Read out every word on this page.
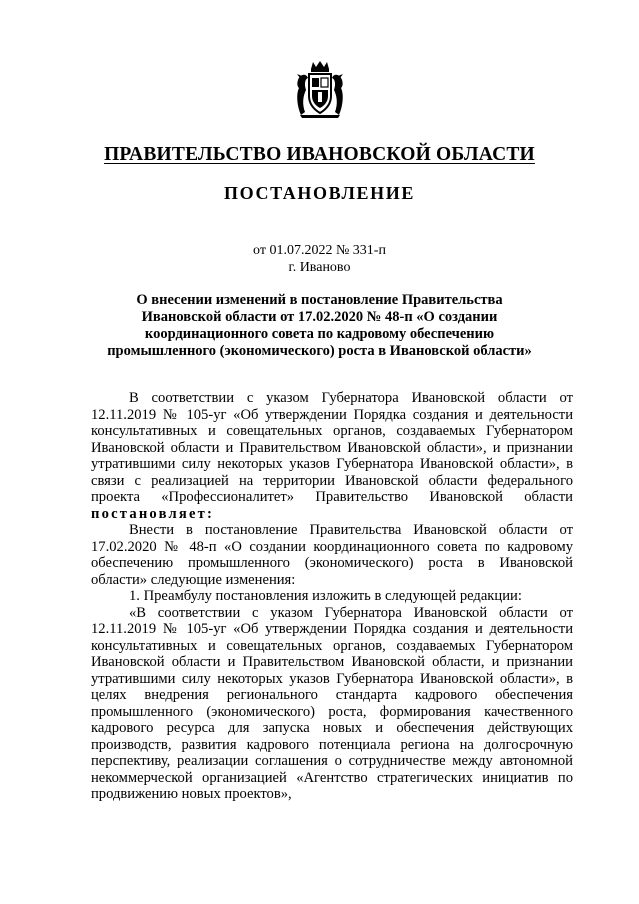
ПРАВИТЕЛЬСТВО ИВАНОВСКОЙ ОБЛАСТИ
ПОСТАНОВЛЕНИЕ
от 01.07.2022 № 331-п
г. Иваново
О внесении изменений в постановление Правительства
Ивановской области от 17.02.2020 № 48-п «О создании
координационного совета по кадровому обеспечению
промышленного (экономического) роста в Ивановской области»

В соответствии с указом Губернатора Ивановской области от 12.11.2019 № 105-уг «Об утверждении Порядка создания и деятельности консультативных и совещательных органов, создаваемых Губернатором Ивановской области и Правительством Ивановской области», и признании утратившими силу некоторых указов Губернатора Ивановской области», в связи с реализацией на территории Ивановской области федерального проекта «Профессионалитет» Правительство Ивановской области постановляет:

Внести в постановление Правительства Ивановской области от 17.02.2020 № 48-п «О создании координационного совета по кадровому обеспечению промышленного (экономического) роста в Ивановской области» следующие изменения:

1. Преамбулу постановления изложить в следующей редакции:

«В соответствии с указом Губернатора Ивановской области от 12.11.2019 № 105-уг «Об утверждении Порядка создания и деятельности консультативных и совещательных органов, создаваемых Губернатором Ивановской области и Правительством Ивановской области, и признании утратившими силу некоторых указов Губернатора Ивановской области», в целях внедрения регионального стандарта кадрового обеспечения промышленного (экономического) роста, формирования качественного кадрового ресурса для запуска новых и обеспечения действующих производств, развития кадрового потенциала региона на долгосрочную перспективу, реализации соглашения о сотрудничестве между автономной некоммерческой организацией «Агентство стратегических инициатив по продвижению новых проектов»,
